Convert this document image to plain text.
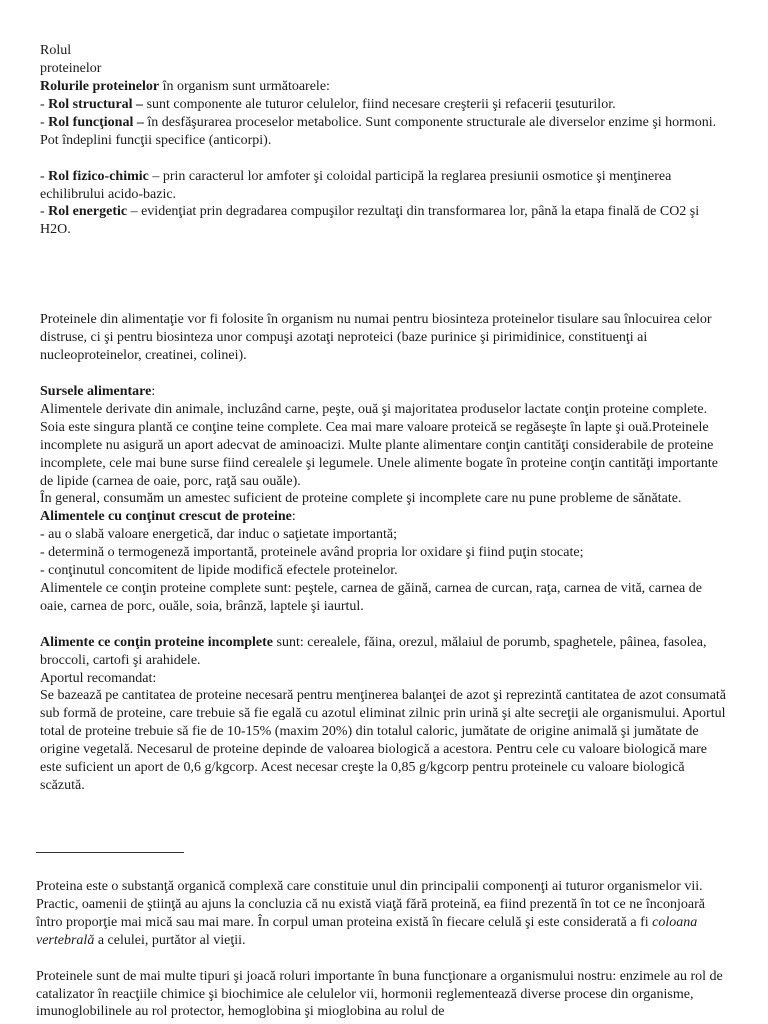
Rolul
proteinelor

Rolurile proteinelor în organism sunt următoarele:

- Rol structural – sunt componente ale tuturor celulelor, fiind necesare creşterii şi refacerii ţesuturilor.

- Rol funcţional – în desfăşurarea proceselor metabolice. Sunt componente structurale ale diverselor enzime şi hormoni. Pot îndeplini funcţii specifice (anticorpi).

- Rol fizico-chimic – prin caracterul lor amfoter şi coloidal participă la reglarea presiunii osmotice şi menţinerea echilibrului acido-bazic.

- Rol energetic – evidenţiat prin degradarea compuşilor rezultaţi din transformarea lor, până la etapa finală de CO2 şi H2O.

Proteinele din alimentaţie vor fi folosite în organism nu numai pentru biosinteza proteinelor tisulare sau înlocuirea celor distruse, ci şi pentru biosinteza unor compuşi azotaţi neproteici (baze purinice şi pirimidinice, constituenţi ai nucleoproteinelor, creatinei, colinei).

Sursele alimentare:

Alimentele derivate din animale, incluzând carne, peşte, ouă şi majoritatea produselor lactate conţin proteine complete. Soia este singura plantă ce conţine teine complete. Cea mai mare valoare proteică se regăseşte în lapte şi ouă.Proteinele incomplete nu asigură un aport adecvat de aminoacizi. Multe plante alimentare conţin cantităţi considerabile de proteine incomplete, cele mai bune surse fiind cerealele şi legumele. Unele alimente bogate în proteine conţin cantităţi importante de lipide (carnea de oaie, porc, raţă sau ouăle).

În general, consumăm un amestec suficient de proteine complete şi incomplete care nu pune probleme de sănătate.

Alimentele cu conţinut crescut de proteine:

- au o slabă valoare energetică, dar induc o saţietate importantă;

- determină o termogeneză importantă, proteinele având propria lor oxidare şi fiind puţin stocate;

- conţinutul concomitent de lipide modifică efectele proteinelor.

Alimentele ce conţin proteine complete sunt: peştele, carnea de găină, carnea de curcan, raţa, carnea de vită, carnea de oaie, carnea de porc, ouăle, soia, brânză, laptele şi iaurtul.

Alimente ce conţin proteine incomplete sunt: cerealele, făina, orezul, mălaiul de porumb, spaghetele, pâinea, fasolea, broccoli, cartofi şi arahidele.

Aportul recomandat:

Se bazează pe cantitatea de proteine necesară pentru menţinerea balanţei de azot şi reprezintă cantitatea de azot consumată sub formă de proteine, care trebuie să fie egală cu azotul eliminat zilnic prin urină şi alte secreţii ale organismului. Aportul total de proteine trebuie să fie de 10-15% (maxim 20%) din totalul caloric, jumătate de origine animală şi jumătate de origine vegetală. Necesarul de proteine depinde de valoarea biologică a acestora. Pentru cele cu valoare biologică mare este suficient un aport de 0,6 g/kgcorp. Acest necesar creşte la 0,85 g/kgcorp pentru proteinele cu valoare biologică scăzută.

Proteina este o substanţă organică complexă care constituie unul din principalii componenţi ai tuturor organismelor vii. Practic, oamenii de ştiinţă au ajuns la concluzia că nu există viaţă fără proteină, ea fiind prezentă în tot ce ne înconjoară întro proporţie mai mică sau mai mare. În corpul uman proteina există în fiecare celulă şi este considerată a fi coloana vertebrală a celulei, purtător al vieţii.

Proteinele sunt de mai multe tipuri şi joacă roluri importante în buna funcţionare a organismului nostru: enzimele au rol de catalizator în reacţiile chimice şi biochimice ale celulelor vii, hormonii reglementează diverse procese din organisme, imunoglobilinele au rol protector, hemoglobina şi mioglobina au rolul de
